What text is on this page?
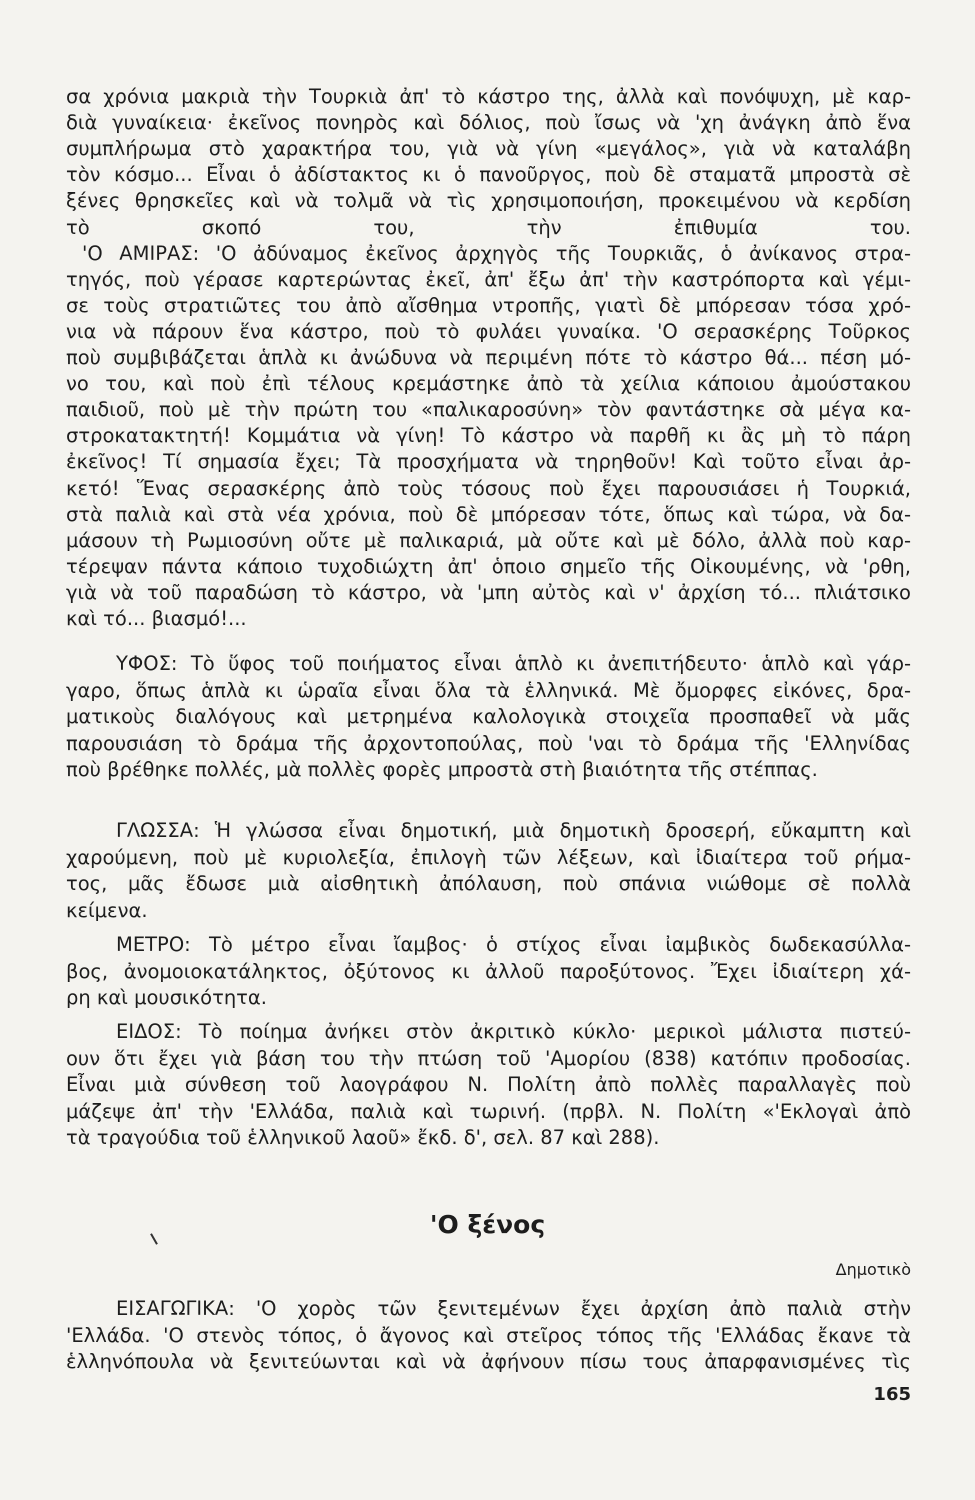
σα χρόνια μακριὰ τὴν Τουρκιὰ ἀπ' τὸ κάστρο της, ἀλλὰ καὶ πονόψυχη, μὲ καρ-
διὰ γυναίκεια· ἐκεῖνος πονηρὸς καὶ δόλιος, ποὺ ἴσως νὰ 'χη ἀνάγκη ἀπὸ ἕνα
συμπλήρωμα στὸ χαρακτήρα του, γιὰ νὰ γίνη «μεγάλος», γιὰ νὰ καταλάβη
τὸν κόσμο... Εἶναι ὁ ἀδίστακτος κι ὁ πανοῦργος, ποὺ δὲ σταματᾶ μπροστὰ σὲ
ξένες θρησκεῖες καὶ νὰ τολμᾶ νὰ τὶς χρησιμοποιήση, προκειμένου νὰ κερδίση
τὸ σκοπό του, τὴν ἐπιθυμία του.
'Ο ΑΜΙΡΑΣ: 'Ο ἀδύναμος ἐκεῖνος ἀρχηγὸς τῆς Τουρκιᾶς, ὁ ἀνίκανος στρα-
τηγός, ποὺ γέρασε καρτερώντας ἐκεῖ, ἀπ' ἔξω ἀπ' τὴν καστρόπορτα καὶ γέμι-
σε τοὺς στρατιῶτες του ἀπὸ αἴσθημα ντροπῆς, γιατὶ δὲ μπόρεσαν τόσα χρό-
νια νὰ πάρουν ἕνα κάστρο, ποὺ τὸ φυλάει γυναίκα. 'Ο σερασκέρης Τοῦρκος
ποὺ συμβιβάζεται ἁπλὰ κι ἀνώδυνα νὰ περιμένη πότε τὸ κάστρο θά... πέση μό-
νο του, καὶ ποὺ ἐπὶ τέλους κρεμάστηκε ἀπὸ τὰ χείλια κάποιου ἀμούστακου
παιδιοῦ, ποὺ μὲ τὴν πρώτη του «παλικαροσύνη» τὸν φαντάστηκε σὰ μέγα κα-
στροκατακτητή! Κομμάτια νὰ γίνη! Τὸ κάστρο νὰ παρθῆ κι ἂς μὴ τὸ πάρη
ἐκεῖνος! Τί σημασία ἔχει; Τὰ προσχήματα νὰ τηρηθοῦν! Καὶ τοῦτο εἶναι ἀρ-
κετό! Ἕνας σερασκέρης ἀπὸ τοὺς τόσους ποὺ ἔχει παρουσιάσει ἡ Τουρκιά,
στὰ παλιὰ καὶ στὰ νέα χρόνια, ποὺ δὲ μπόρεσαν τότε, ὅπως καὶ τώρα, νὰ δα-
μάσουν τὴ Ρωμιοσύνη οὔτε μὲ παλικαριά, μὰ οὔτε καὶ μὲ δόλο, ἀλλὰ ποὺ καρ-
τέρεψαν πάντα κάποιο τυχοδιώχτη ἀπ' ὁποιο σημεῖο τῆς Οἰκουμένης, νὰ 'ρθη,
γιὰ νὰ τοῦ παραδώση τὸ κάστρο, νὰ 'μπη αὐτὸς καὶ ν' ἀρχίση τό... πλιάτσικο
καὶ τό... βιασμό!...
ΥΦΟΣ: Τὸ ὕφος τοῦ ποιήματος εἶναι ἁπλὸ κι ἀνεπιτήδευτο· ἁπλὸ καὶ γάρ-
γαρο, ὅπως ἁπλὰ κι ὡραῖα εἶναι ὅλα τὰ ἑλληνικά. Μὲ ὄμορφες εἰκόνες, δρα-
ματικοὺς διαλόγους καὶ μετρημένα καλολογικὰ στοιχεῖα προσπαθεῖ νὰ μᾶς
παρουσιάση τὸ δράμα τῆς ἀρχοντοπούλας, ποὺ 'ναι τὸ δράμα τῆς 'Ελληνίδας
ποὺ βρέθηκε πολλές, μὰ πολλὲς φορὲς μπροστὰ στὴ βιαιότητα τῆς στέππας.
ΓΛΩΣΣΑ: Ἡ γλώσσα εἶναι δημοτική, μιὰ δημοτικὴ δροσερή, εὔκαμπτη καὶ
χαρούμενη, ποὺ μὲ κυριολεξία, ἐπιλογὴ τῶν λέξεων, καὶ ἰδιαίτερα τοῦ ρήμα-
τος, μᾶς ἔδωσε μιὰ αἰσθητικὴ ἀπόλαυση, ποὺ σπάνια νιώθομε σὲ πολλὰ
κείμενα.
ΜΕΤΡΟ: Τὸ μέτρο εἶναι ἴαμβος· ὁ στίχος εἶναι ἰαμβικὸς δωδεκασύλλα-
βος, ἀνομοιοκατάληκτος, ὀξύτονος κι ἀλλοῦ παροξύτονος. Ἔχει ἰδιαίτερη χά-
ρη καὶ μουσικότητα.
ΕΙΔΟΣ: Τὸ ποίημα ἀνήκει στὸν ἀκριτικὸ κύκλο· μερικοὶ μάλιστα πιστεύ-
ουν ὅτι ἔχει γιὰ βάση του τὴν πτώση τοῦ 'Αμορίου (838) κατόπιν προδοσίας.
Εἶναι μιὰ σύνθεση τοῦ λαογράφου Ν. Πολίτη ἀπὸ πολλὲς παραλλαγὲς ποὺ
μάζεψε ἀπ' τὴν 'Ελλάδα, παλιὰ καὶ τωρινή. (πρβλ. Ν. Πολίτη «'Εκλογαὶ ἀπὸ
τὰ τραγούδια τοῦ ἑλληνικοῦ λαοῦ» ἔκδ. δ', σελ. 87 καὶ 288).
'Ο ξένος
Δημοτικὸ
ΕΙΣΑΓΩΓΙΚΑ: 'Ο χορὸς τῶν ξενιτεμένων ἔχει ἀρχίση ἀπὸ παλιὰ στὴν
'Ελλάδα. 'Ο στενὸς τόπος, ὁ ἄγονος καὶ στεῖρος τόπος τῆς 'Ελλάδας ἔκανε τὰ
ἑλληνόπουλα νὰ ξενιτεύωνται καὶ νὰ ἀφήνουν πίσω τους ἀπαρφανισμένες τὶς
165
